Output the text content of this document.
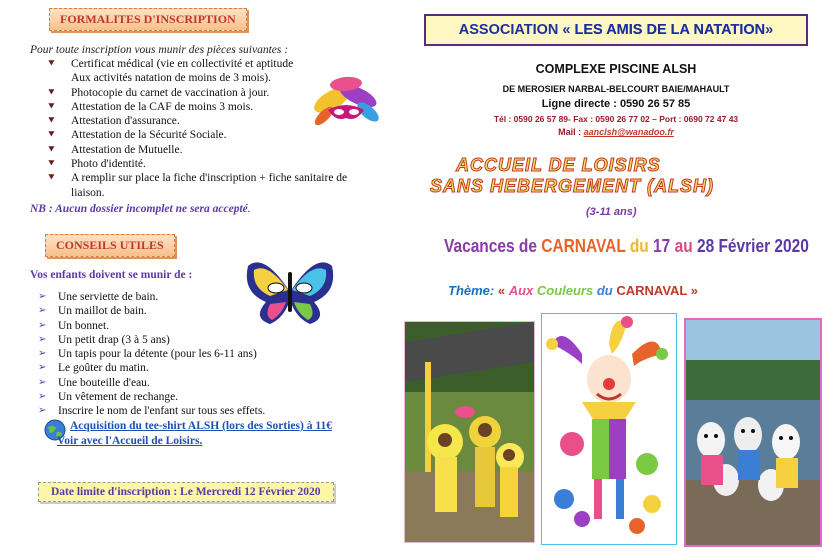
FORMALITES D'INSCRIPTION
Pour toute inscription vous munir des pièces suivantes :
⯆ Certificat médical (vie en collectivité et aptitude
Aux activités natation de moins de 3 mois).
⯆ Photocopie du carnet de vaccination à jour.
⯆ Attestation de la CAF de moins 3 mois.
⯆ Attestation d'assurance.
⯆ Attestation de la Sécurité Sociale.
⯆ Attestation de Mutuelle.
⯆ Photo d'identité.
⯆ A remplir sur place la fiche d'inscription + fiche sanitaire de
liaison.
NB : Aucun dossier incomplet ne sera accepté.
CONSEILS UTILES
Vos enfants doivent se munir de :
➢ Une serviette de bain.
➢ Un maillot de bain.
➢ Un bonnet.
➢ Un petit drap (3 à 5 ans)
➢ Un tapis pour la détente (pour les 6-11 ans)
➢ Le goûter du matin.
➢ Une bouteille d'eau.
➢ Un vêtement de rechange.
➢ Inscrire le nom de l'enfant sur tous ses effets.
Acquisition du tee-shirt ALSH (lors des Sorties) à 11€
Voir avec l'Accueil de Loisirs.
Date limite d'inscription : Le Mercredi 12 Février 2020
ASSOCIATION « LES AMIS DE LA NATATION»
COMPLEXE PISCINE ALSH
DE MEROSIER NARBAL-BELCOURT BAIE/MAHAULT
Ligne directe : 0590 26 57 85
Tél : 0590 26 57 89- Fax : 0590 26 77 02 – Port : 0690 72 47 43
Mail : aanclsh@wanadoo.fr
ACCUEIL DE LOISIRS
SANS HEBERGEMENT (ALSH)
(3-11 ans)
Vacances de CARNAVAL du 17 au 28 Février 2020
Thème: « Aux Couleurs du CARNAVAL »
